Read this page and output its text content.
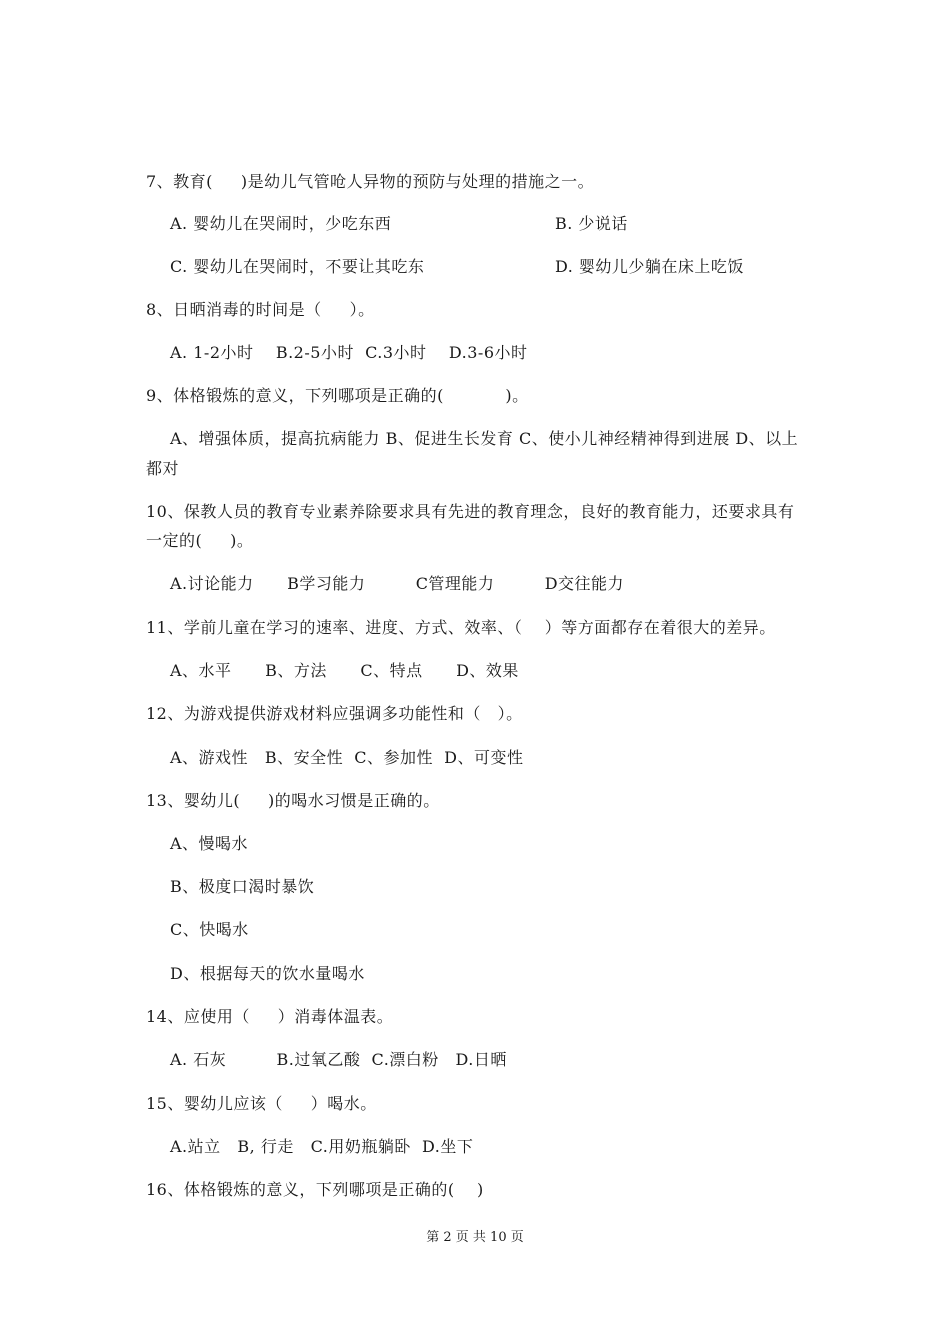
7、教育(     )是幼儿气管呛人异物的预防与处理的措施之一。
A. 婴幼儿在哭闹时，少吃东西	B. 少说话
C. 婴幼儿在哭闹时，不要让其吃东	D. 婴幼儿少躺在床上吃饭
8、日晒消毒的时间是（     ）。
A. 1-2小时    B.2-5小时  C.3小时    D.3-6小时
9、体格锻炼的意义，下列哪项是正确的(           )。
A、增强体质，提高抗病能力 B、促进生长发育 C、使小儿神经精神得到进展 D、以上
都对
10、保教人员的教育专业素养除要求具有先进的教育理念，良好的教育能力，还要求具有
一定的(     )。
A.讨论能力      B学习能力         C管理能力         D交往能力
11、学前儿童在学习的速率、进度、方式、效率、（    ）等方面都存在着很大的差异。
A、水平      B、方法      C、特点      D、效果
12、为游戏提供游戏材料应强调多功能性和（   ）。
A、游戏性   B、安全性  C、参加性  D、可变性
13、婴幼儿(     )的喝水习惯是正确的。
A、慢喝水
B、极度口渴时暴饮
C、快喝水
D、根据每天的饮水量喝水
14、应使用（     ）消毒体温表。
A. 石灰         B.过氧乙酸  C.漂白粉   D.日晒
15、婴幼儿应该（     ）喝水。
A.站立   B, 行走   C.用奶瓶躺卧  D.坐下
16、体格锻炼的意义，下列哪项是正确的(    )
第 2 页 共 10 页
